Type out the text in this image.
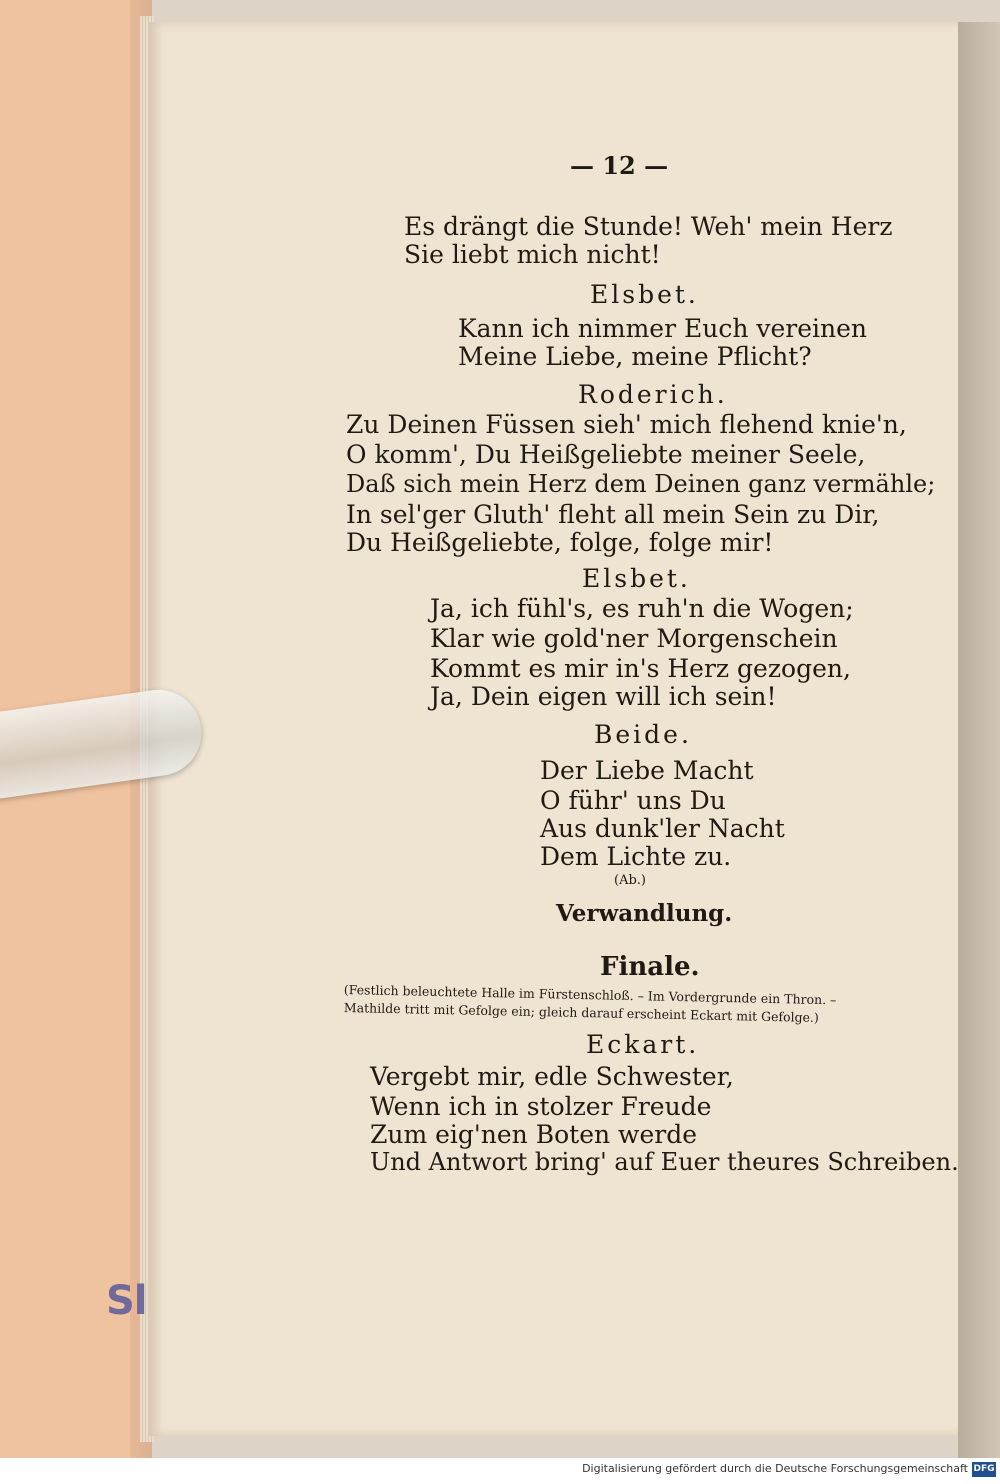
Sl
— 12 —
Es drängt die Stunde! Weh' mein Herz
Sie liebt mich nicht!
Elsbet.
Kann ich nimmer Euch vereinen
Meine Liebe, meine Pflicht?
Roderich.
Zu Deinen Füssen sieh' mich flehend knie'n,
O komm', Du Heißgeliebte meiner Seele,
Daß sich mein Herz dem Deinen ganz vermähle;
In sel'ger Gluth' fleht all mein Sein zu Dir,
Du Heißgeliebte, folge, folge mir!
Elsbet.
Ja, ich fühl's, es ruh'n die Wogen;
Klar wie gold'ner Morgenschein
Kommt es mir in's Herz gezogen,
Ja, Dein eigen will ich sein!
Beide.
Der Liebe Macht
O führ' uns Du
Aus dunk'ler Nacht
Dem Lichte zu.
(Ab.)
Verwandlung.
Finale.
(Festlich beleuchtete Halle im Fürstenschloß. – Im Vordergrunde ein Thron. –
Mathilde tritt mit Gefolge ein; gleich darauf erscheint Eckart mit Gefolge.)
Eckart.
Vergebt mir, edle Schwester,
Wenn ich in stolzer Freude
Zum eig'nen Boten werde
Und Antwort bring' auf Euer theures Schreiben.
Digitalisierung gefördert durch die Deutsche Forschungsgemeinschaft DFG
